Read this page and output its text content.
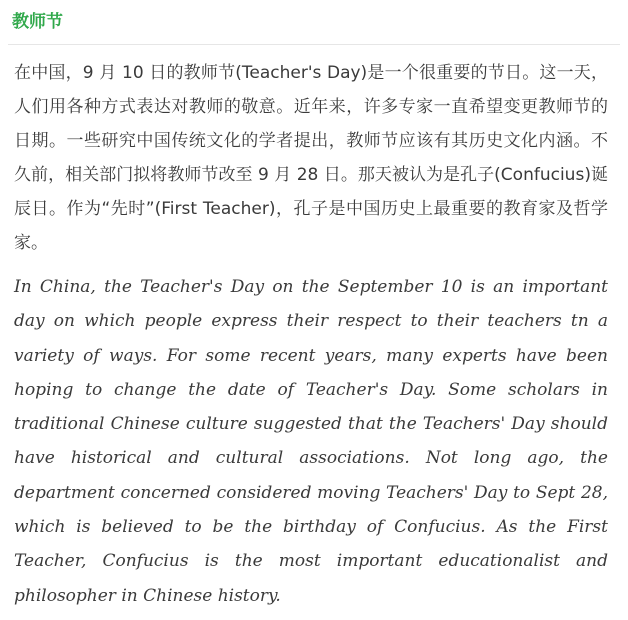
教师节

在中国，9 月 10 日的教师节(Teacher's Day)是一个很重要的节日。这一天，人们用各种方式表达对教师的敬意。近年来，许多专家一直希望变更教师节的日期。一些研究中国传统文化的学者提出，教师节应该有其历史文化内涵。不久前，相关部门拟将教师节改至 9 月 28 日。那天被认为是孔子(Confucius)诞辰日。作为“先时”(First Teacher)，孔子是中国历史上最重要的教育家及哲学家。

In China, the Teacher's Day on the September 10 is an important day on which people express their respect to their teachers tn a variety of ways. For some recent years, many experts have been hoping to change the date of Teacher's Day. Some scholars in traditional Chinese culture suggested that the Teachers' Day should have historical and cultural associations. Not long ago, the department concerned considered moving Teachers' Day to Sept 28, which is believed to be the birthday of Confucius. As the First Teacher, Confucius is the most important educationalist and philosopher in Chinese history.
